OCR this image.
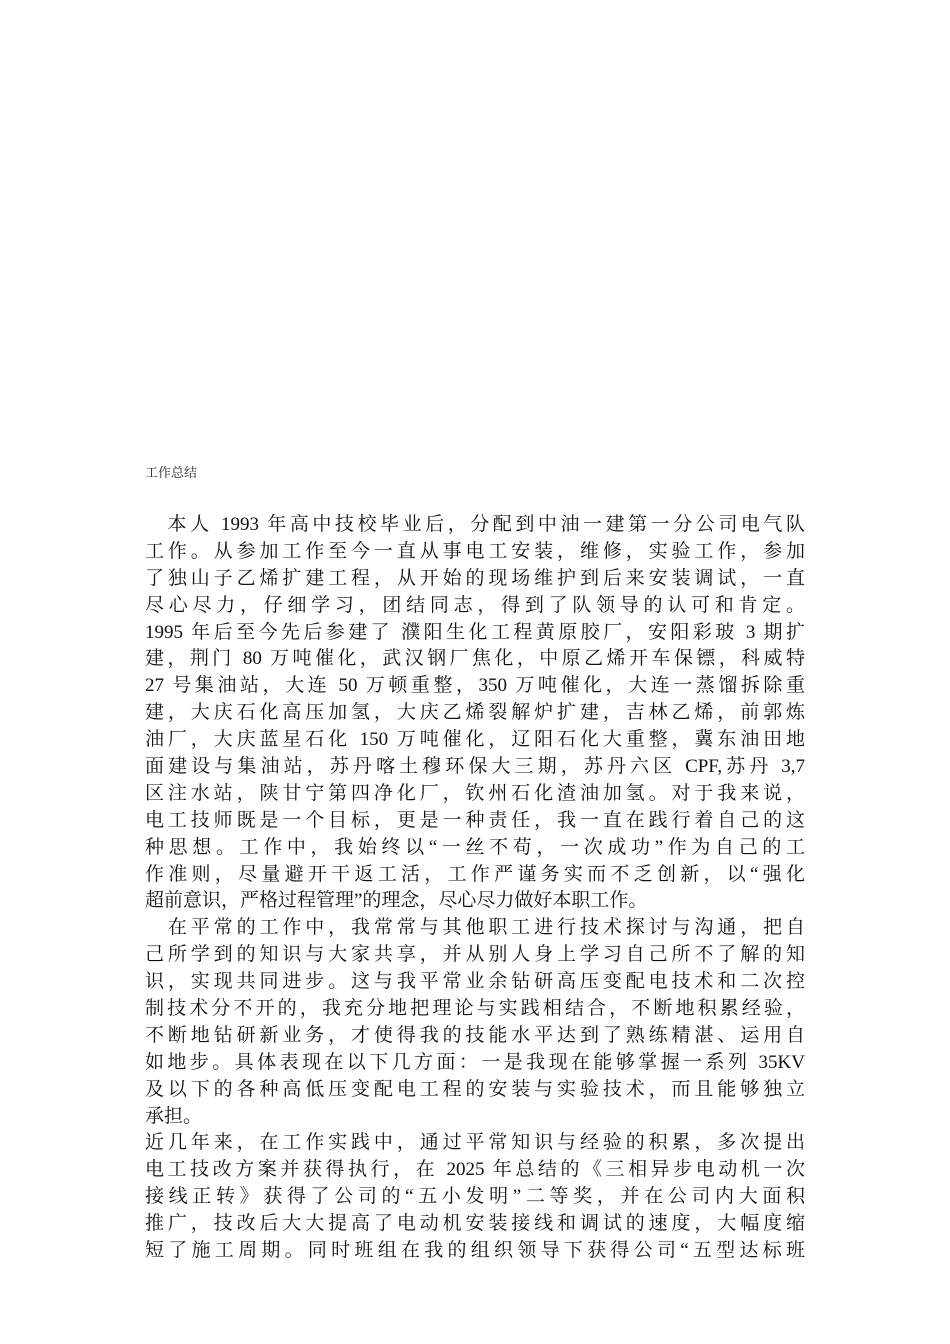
工作总结
　本人 1993 年高中技校毕业后，分配到中油一建第一分公司电气队
工作。从参加工作至今一直从事电工安装，维修，实验工作，参加
了独山子乙烯扩建工程，从开始的现场维护到后来安装调试，一直
尽心尽力，仔细学习，团结同志，得到了队领导的认可和肯定。
1995 年后至今先后参建了 濮阳生化工程黄原胶厂，安阳彩玻 3 期扩
建，荆门 80 万吨催化，武汉钢厂焦化，中原乙烯开车保镖，科威特
27 号集油站，大连 50 万顿重整，350 万吨催化，大连一蒸馏拆除重
建，大庆石化高压加氢，大庆乙烯裂解炉扩建，吉林乙烯，前郭炼
油厂，大庆蓝星石化 150 万吨催化，辽阳石化大重整，冀东油田地
面建设与集油站，苏丹喀土穆环保大三期，苏丹六区 CPF,苏丹 3,7
区注水站，陕甘宁第四净化厂，钦州石化渣油加氢。对于我来说，
电工技师既是一个目标，更是一种责任，我一直在践行着自己的这
种思想。工作中，我始终以“一丝不苟，一次成功”作为自己的工
作准则，尽量避开干返工活，工作严谨务实而不乏创新，以“强化
超前意识，严格过程管理”的理念，尽心尽力做好本职工作。
　在平常的工作中，我常常与其他职工进行技术探讨与沟通，把自
己所学到的知识与大家共享，并从别人身上学习自己所不了解的知
识，实现共同进步。这与我平常业余钻研高压变配电技术和二次控
制技术分不开的，我充分地把理论与实践相结合，不断地积累经验，
不断地钻研新业务，才使得我的技能水平达到了熟练精湛、运用自
如地步。具体表现在以下几方面：一是我现在能够掌握一系列 35KV
及以下的各种高低压变配电工程的安装与实验技术，而且能够独立
承担。
近几年来，在工作实践中，通过平常知识与经验的积累，多次提出
电工技改方案并获得执行，在 2025 年总结的《三相异步电动机一次
接线正转》获得了公司的“五小发明”二等奖，并在公司内大面积
推广，技改后大大提高了电动机安装接线和调试的速度，大幅度缩
短了施工周期。同时班组在我的组织领导下获得公司“五型达标班
